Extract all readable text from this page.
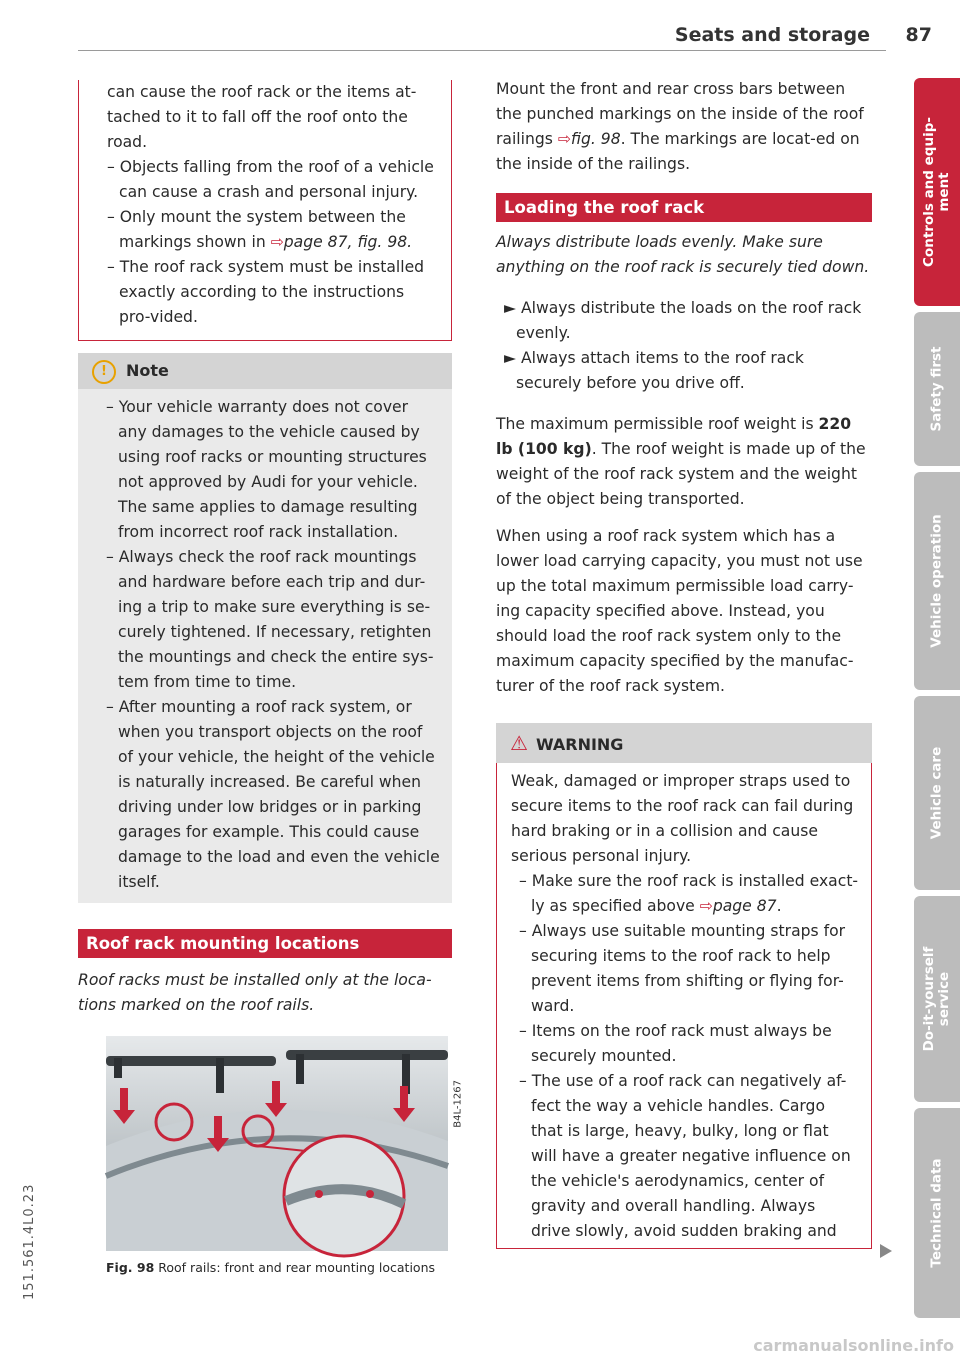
Seats and storage 87

can cause the roof rack or the items at-tached to it to fall off the roof onto the road.

– Objects falling from the roof of a vehicle can cause a crash and personal injury.

– Only mount the system between the markings shown in ⇨page 87, fig. 98.

– The roof rack system must be installed exactly according to the instructions pro-vided.

! Note

– Your vehicle warranty does not cover any damages to the vehicle caused by using roof racks or mounting structures not approved by Audi for your vehicle. The same applies to damage resulting from incorrect roof rack installation.

– Always check the roof rack mountings and hardware before each trip and dur-ing a trip to make sure everything is se-curely tightened. If necessary, retighten the mountings and check the entire sys-tem from time to time.

– After mounting a roof rack system, or when you transport objects on the roof of your vehicle, the height of the vehicle is naturally increased. Be careful when driving under low bridges or in parking garages for example. This could cause damage to the load and even the vehicle itself.

Roof rack mounting locations

Roof racks must be installed only at the loca-tions marked on the roof rails.

B4L-1267
Fig. 98 Roof rails: front and rear mounting locations

Mount the front and rear cross bars between the punched markings on the inside of the roof railings ⇨fig. 98. The markings are locat-ed on the inside of the railings.

Loading the roof rack

Always distribute loads evenly. Make sure anything on the roof rack is securely tied down.

► Always distribute the loads on the roof rack evenly.

► Always attach items to the roof rack securely before you drive off.

The maximum permissible roof weight is 220 lb (100 kg). The roof weight is made up of the weight of the roof rack system and the weight of the object being transported.

When using a roof rack system which has a lower load carrying capacity, you must not use up the total maximum permissible load carry-ing capacity specified above. Instead, you should load the roof rack system only to the maximum capacity specified by the manufac-turer of the roof rack system.

⚠ WARNING

Weak, damaged or improper straps used to secure items to the roof rack can fail during hard braking or in a collision and cause serious personal injury.

– Make sure the roof rack is installed exact-ly as specified above ⇨page 87.

– Always use suitable mounting straps for securing items to the roof rack to help prevent items from shifting or flying for-ward.

– Items on the roof rack must always be securely mounted.

– The use of a roof rack can negatively af-fect the way a vehicle handles. Cargo that is large, heavy, bulky, long or flat will have a greater negative influence on the vehicle's aerodynamics, center of gravity and overall handling. Always drive slowly, avoid sudden braking and

Controls and equip-
ment
Safety first
Vehicle operation
Vehicle care
Do-it-yourself
service
Technical data
151.561.4L0.23
carmanualsonline.info
